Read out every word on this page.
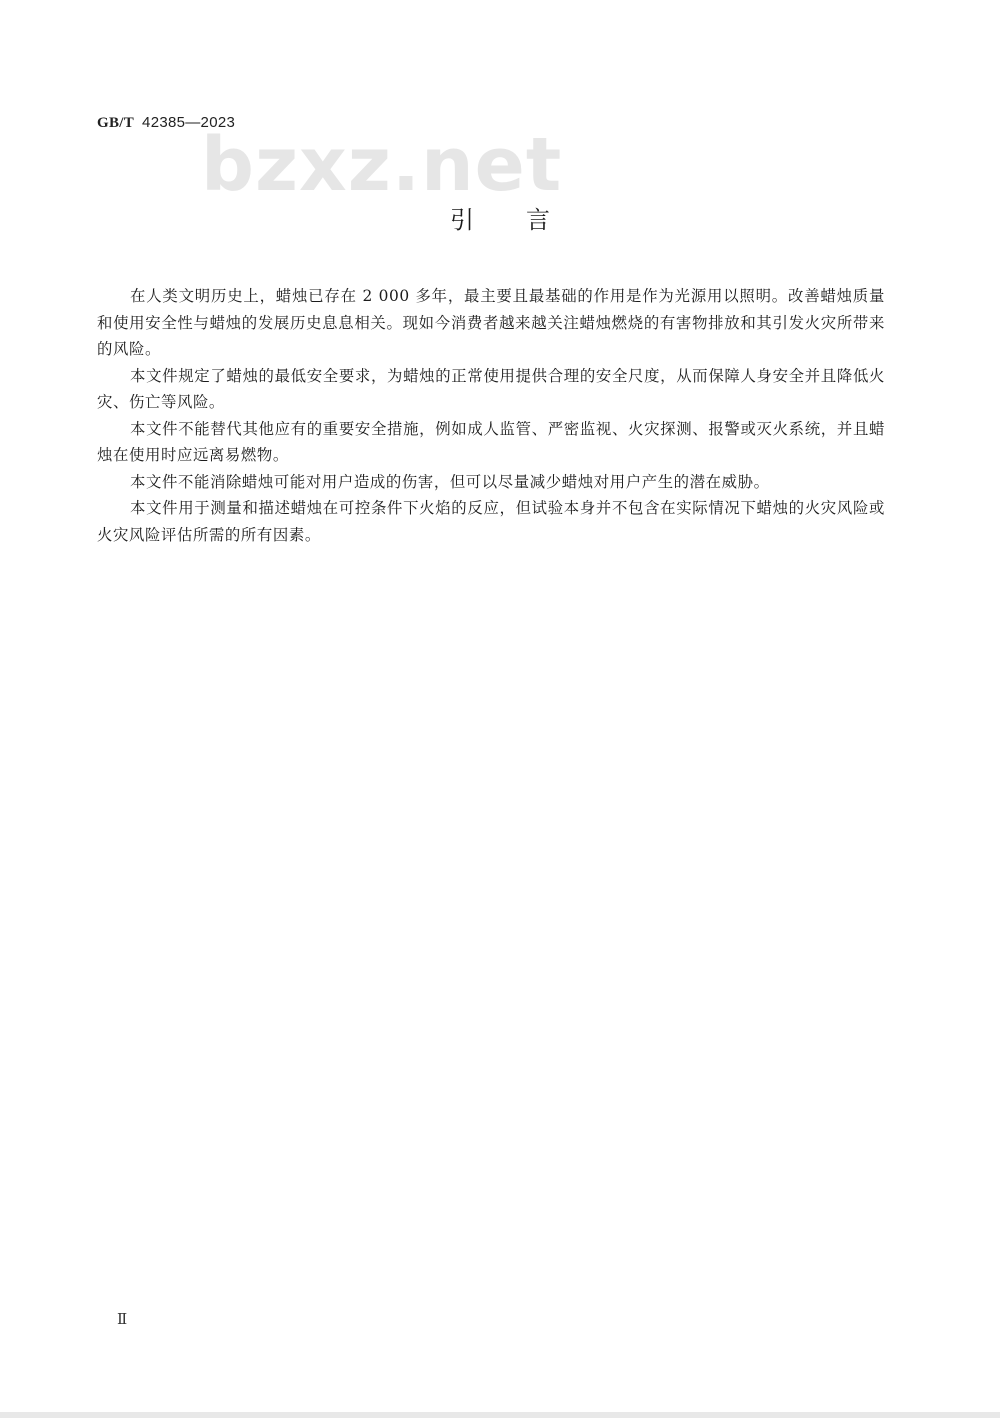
GB/T 42385—2023
bzxz.net
引言

在人类文明历史上，蜡烛已存在 2 000 多年，最主要且最基础的作用是作为光源用以照明。改善蜡烛质量和使用安全性与蜡烛的发展历史息息相关。现如今消费者越来越关注蜡烛燃烧的有害物排放和其引发火灾所带来的风险。

本文件规定了蜡烛的最低安全要求，为蜡烛的正常使用提供合理的安全尺度，从而保障人身安全并且降低火灾、伤亡等风险。

本文件不能替代其他应有的重要安全措施，例如成人监管、严密监视、火灾探测、报警或灭火系统，并且蜡烛在使用时应远离易燃物。

本文件不能消除蜡烛可能对用户造成的伤害，但可以尽量减少蜡烛对用户产生的潜在威胁。

本文件用于测量和描述蜡烛在可控条件下火焰的反应，但试验本身并不包含在实际情况下蜡烛的火灾风险或火灾风险评估所需的所有因素。

Ⅱ
